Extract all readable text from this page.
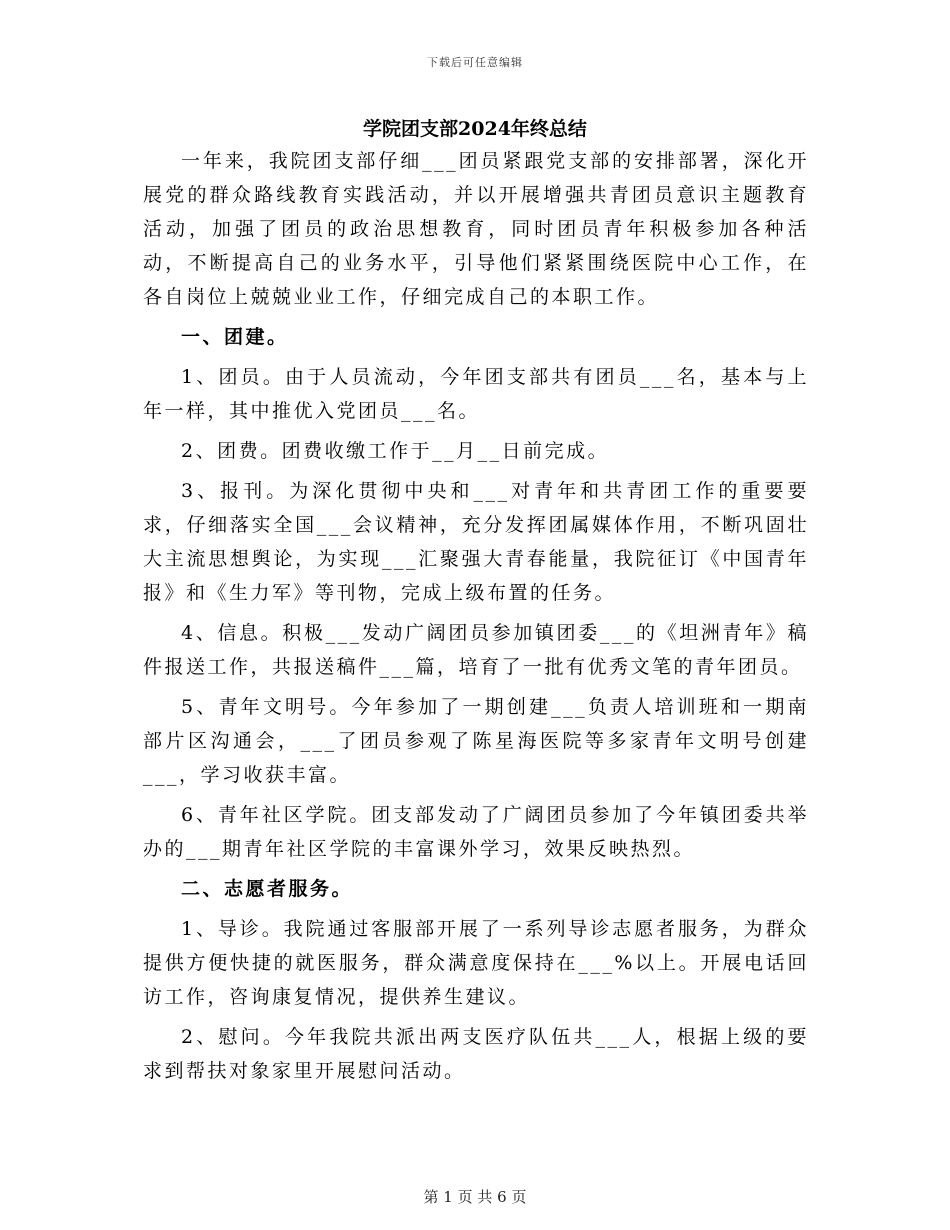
下载后可任意编辑
学院团支部2024年终总结

一年来，我院团支部仔细___团员紧跟党支部的安排部署，深化开展党的群众路线教育实践活动，并以开展增强共青团员意识主题教育活动，加强了团员的政治思想教育，同时团员青年积极参加各种活动，不断提高自己的业务水平，引导他们紧紧围绕医院中心工作，在各自岗位上兢兢业业工作，仔细完成自己的本职工作。

一、团建。

1、团员。由于人员流动，今年团支部共有团员___名，基本与上年一样，其中推优入党团员___名。

2、团费。团费收缴工作于__月__日前完成。

3、报刊。为深化贯彻中央和___对青年和共青团工作的重要要求，仔细落实全国___会议精神，充分发挥团属媒体作用，不断巩固壮大主流思想舆论，为实现___汇聚强大青春能量，我院征订《中国青年报》和《生力军》等刊物，完成上级布置的任务。

4、信息。积极___发动广阔团员参加镇团委___的《坦洲青年》稿件报送工作，共报送稿件___篇，培育了一批有优秀文笔的青年团员。

5、青年文明号。今年参加了一期创建___负责人培训班和一期南部片区沟通会，___了团员参观了陈星海医院等多家青年文明号创建___，学习收获丰富。

6、青年社区学院。团支部发动了广阔团员参加了今年镇团委共举办的___期青年社区学院的丰富课外学习，效果反映热烈。

二、志愿者服务。

1、导诊。我院通过客服部开展了一系列导诊志愿者服务，为群众提供方便快捷的就医服务，群众满意度保持在___%以上。开展电话回访工作，咨询康复情况，提供养生建议。

2、慰问。今年我院共派出两支医疗队伍共___人，根据上级的要求到帮扶对象家里开展慰问活动。

第 1 页 共 6 页
